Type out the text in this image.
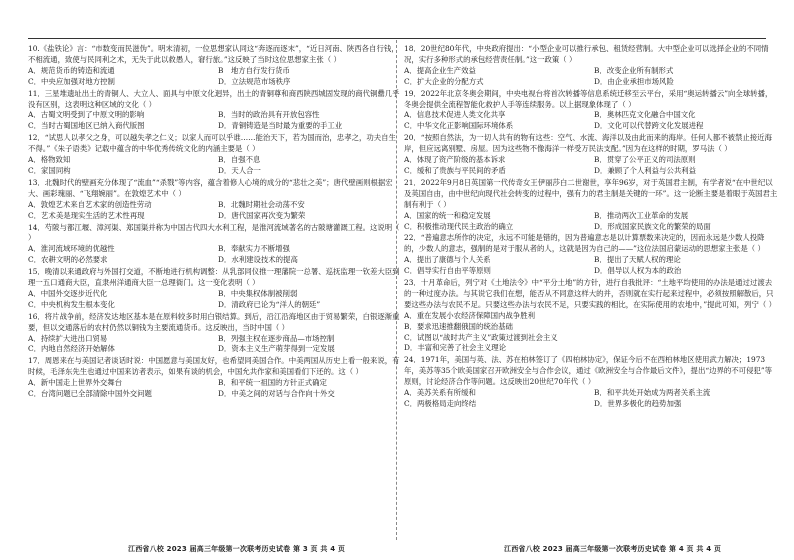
10.《盐铁论》言：“市数变而民滋伪”。明末清初，一位思想家认同这“奔逐而逐末”，“近日河南、陕西各自行钱，不相流通，致使与民同利之术，无失于此以救愚人，窘行旅。”这反映了当时这位思想家主张（ ）
A．规范货币的铸造和流通	B　地方自行发行货币
C．中央应加强对地方控制	D．立法规范市场秩序
11．三星堆遗址出土的青铜人、大立人、面具与中原文化迥异，出土的青铜尊和商西陕西城固发现的商代铜罍几乎没有区别，这表明这种区域的文化（ ）
A．古蜀文明受到了中原文明的影响	B．当时的政治具有开放包容性
C．当时古蜀国地区已纳入商代版图	D．青铜铸造是当时最为重要的手工业
12．“试思人以孝父之身，可以越失孝之仁义；以家人而可以乎谁……能治天下，若为国而治，忠孝之，功夫自生不得。”《朱子语类》记载中蕴含的中华优秀传统文化的内涵主要是（ ）
A．格物致知	B．自强不息
C．家国同构	D．天人合一
13．北魏时代的壁画充分体现了“流血”“杀戮”等内容，蕴含着修人心境的成分的“悲壮之美”；唐代壁画则根据宏大、画彩瑰丽、“飞翔婉丽”。在敦煌艺术中（ ）
A．敦煌艺术来自艺术家的创造性劳动	B．北魏时期社会动荡不安
C．艺术美是现实生活的艺术性再现	D．唐代国家再次变为繁荣
14．芍陂与都江堰、漳河渠、郑国渠并称为中国古代四大水利工程，是淮河流域著名的古陂塘灌溉工程。这说明（ ）
A．淮河流域环境的优越性	B．奉献实力不断增强
C．农耕文明的必然要求	D．水利建设技术的提高
15．晚清以来通政府与外国打交道，不断地进行机构调整：从乳部同仪推一理藩院一总署、巡抚监理一钦差大臣到理一五口通商大臣，直隶州洋通商大臣一总理衙门。这一变化表明（ ）
A．中国外交逐步近代化	B．中央集权体制被削弱
C．中央机构发生根本变化	D．清政府已论为“洋人的朝廷”
16．将片战争前，经济发达地区基本是在原料较多时用白银结算。到后，沿江沿海地区由于贸易繁荣，白银逐渐重要，但以交通落后的农村仍然以铜钱为主要流通货币。这反映出，当时中国（ ）
A．持续扩大进出口贸易	B．列强主权在逐步商品—市场控制
C．内地自然经济开始解体	D．资本主义生产萌芽得到一定发展
17．周恩来在与美国记者谈话时说：中国愿意与美国友好，也希望同美国合作。中美两国从历史上看一般来说，有时候，毛泽东先生也通过中国来访者表示，如果有谈的机会，中国允共作家和美国看们下还的。这（ ）
A．新中国走上世界外交舞台	B．和平统一祖国的方针正式确定
C．台湾问题已全部清除中国外交问题	D．中美之间的对话与合作向十外交
18．20世纪80年代，中央政府提出：“小型企业可以推行承包、租赁经营制。大中型企业可以选择企业的不同情况，实行多种形式的承包经营责任制。”这一政策（ ）
A．提高企业生产效益	B．改变企业所有制形式
C．扩大企业的分配方式	D．由企业承担市场风险
19．2022年北京冬奥会期间，中央电视台将首次转播等信息系统迁移至云平台，采用“奥运转播云”向全球转播，冬奥会提供全流程智能化救护人手等连续服务。以上据现象体现了（ ）
A．信息技术促进人类文化共享	B．奥林匹克文化融合中国文化
C．中华文化正影响国际环境体系	D．文化可以代替跨文化发展进程
20．“按照自然法，为一切人共有的物有这些：空气、水流、海洋以及由此而来的海岸。任何人都不被禁止接近海岸，但应远离别墅、房屋。因为这些物不像海洋一样受万民法支配。”因为在这样的时期，罗马法（ ）
A．体现了资产阶级的基本诉求	B．贯穿了公平正义的司法原则
C．缓和了贵族与平民间的矛盾	D．兼顾了个人利益与公共利益
21．2022年9月8日英国第一代传奇女王伊丽莎白二世谢世，享年96岁，对于英国君主制，有学者说“在中世纪以及英国自由，由中世纪向现代社会转变的过程中，强有力的君主制是关键的一环”。这一论断主要是着眼于英国君主制有利于（ ）
A．国家的统一和稳定发展	B．推动两次工业革命的发展
C．积极推动现代民主政治的确立	D．形成国家民族文化的繁荣的局面
22．“普遍意志所作的决定，永远不可能是错的，因为普遍意志是以计算票数来决定的，因而永远是少数人投降的，少数人的意志，强制的是对于服从者的人，这就是因为自己的——”这位法国启蒙运动的思想家主张是（ ）
A．提出了康德与个人关系	B．提出了天赋人权的理论
C．倡导实行自由平等原则	D．倡导以人权为本的政治
23．十月革命后，列宁对《土地法令》中“平分土地”的方针，进行自我批评：“土地平均使用的办法是通过过渡去的一种过度办法。与其说它我们在想，能否从不同意这样大的并，否则就在实行起来过程中，必须按照解散后，只要这些办法与农民不足。只要这些办法与农民不足，只要实践的相比，在实际使用的农地中，”提此可知，列宁（ ）
A．重在发展小农经济保障国内战争胜利
B．要求迅速推翻俄国的统治基础
C．试图以“战时共产主义”政策过渡到社会主义
D．丰富和完善了社会主义理论
24．1971年，美国与英、法、苏在柏林签订了《四柏林协定》，保证今后不在西柏林地区使用武力解决；1973年，美苏等35个欧美国家召开欧洲安全与合作会议，通过《欧洲安全与合作最后文件》，提出“边界的不可侵犯”等原则，讨论经济合作等问题。这反映出20世纪70年代（ ）
A．美苏关系有所缓和	B．和平共处开始成为两者关系主流
C．两极格局走向终结	D．世界多极化的趋势加强
江西省八校 2023 届高三年级第一次联考历史试卷 第 3 页 共 4 页	江西省八校 2023 届高三年级第一次联考历史试卷 第 4 页 共 4 页
